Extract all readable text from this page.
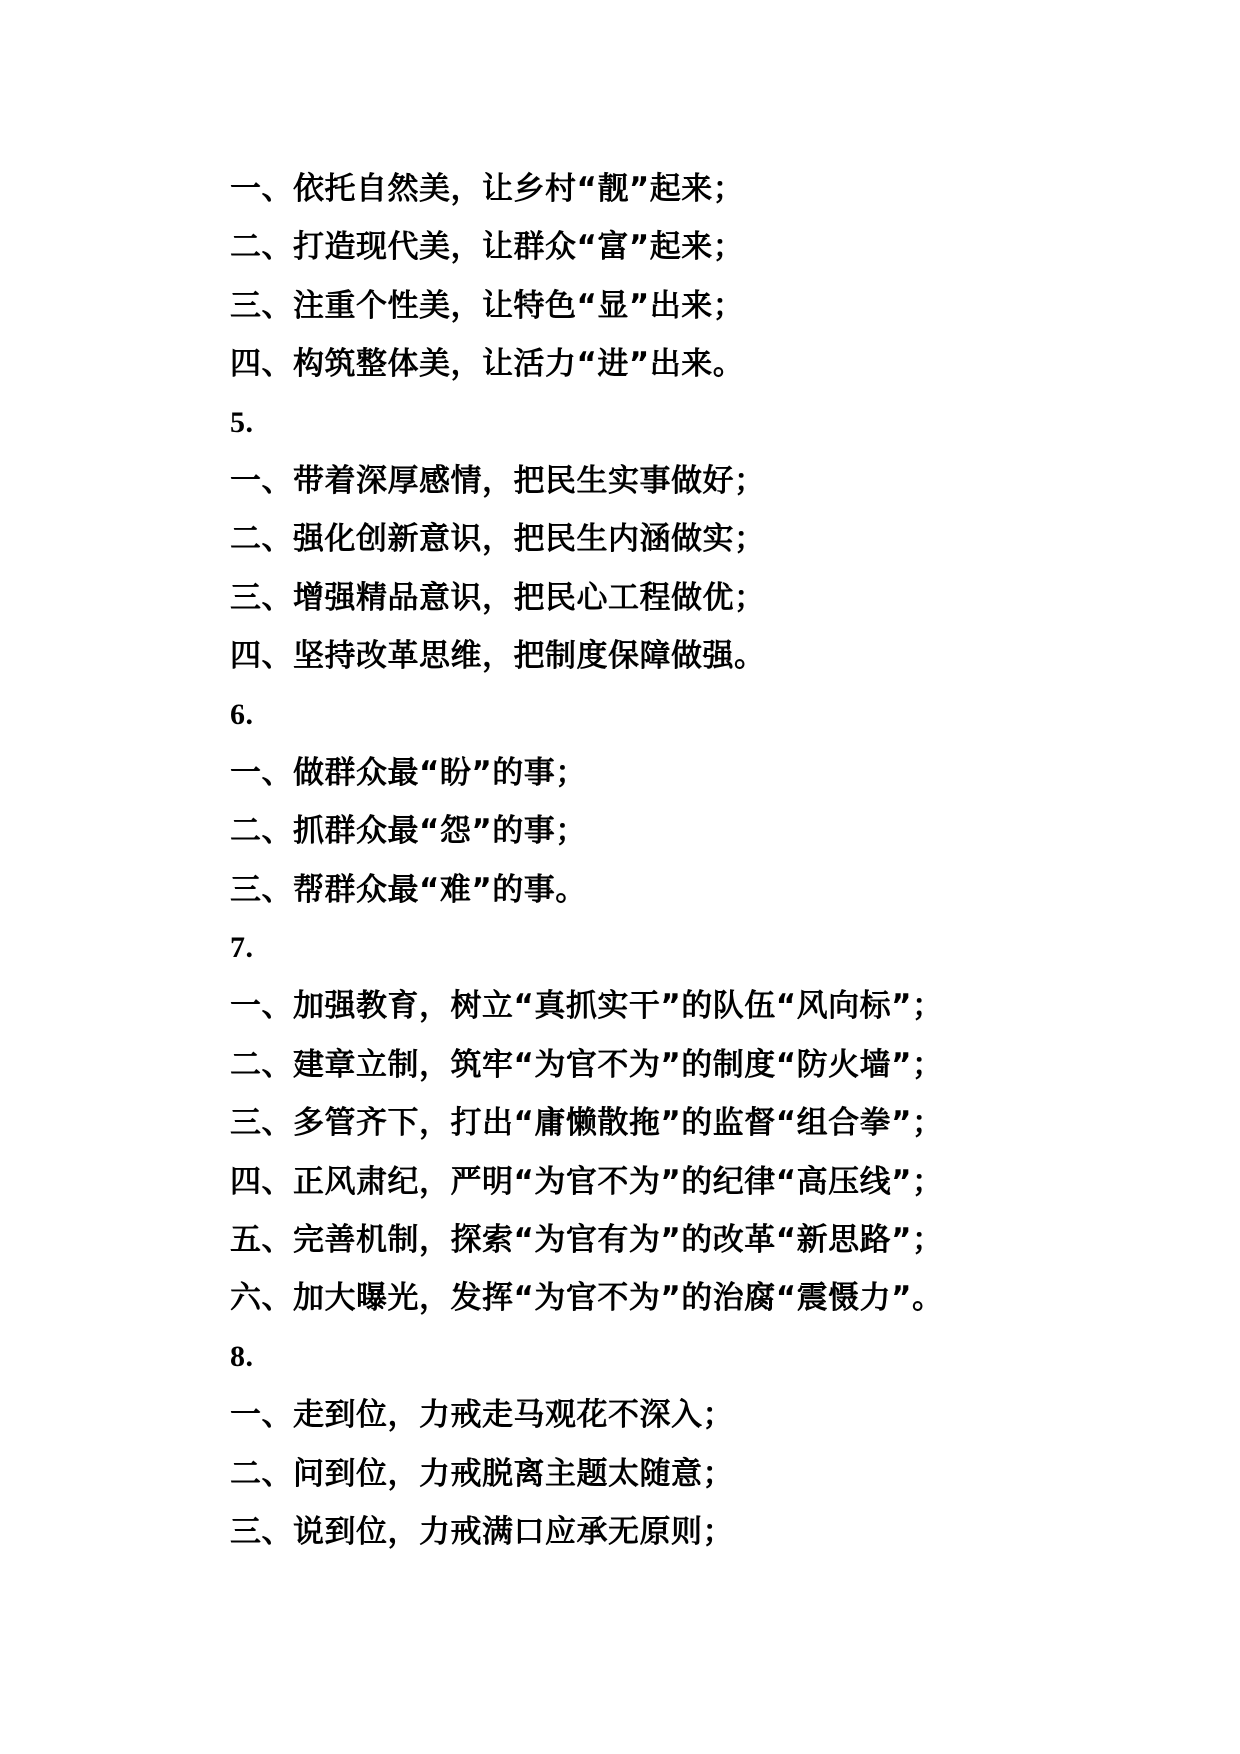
一、依托自然美，让乡村“靓”起来；
二、打造现代美，让群众“富”起来；
三、注重个性美，让特色“显”出来；
四、构筑整体美，让活力“进”出来。
5.
一、带着深厚感情，把民生实事做好；
二、强化创新意识，把民生内涵做实；
三、增强精品意识，把民心工程做优；
四、坚持改革思维，把制度保障做强。
6.
一、做群众最“盼”的事；
二、抓群众最“怨”的事；
三、帮群众最“难”的事。
7.
一、加强教育，树立“真抓实干”的队伍“风向标”；
二、建章立制，筑牢“为官不为”的制度“防火墙”；
三、多管齐下，打出“庸懒散拖”的监督“组合拳”；
四、正风肃纪，严明“为官不为”的纪律“高压线”；
五、完善机制，探索“为官有为”的改革“新思路”；
六、加大曝光，发挥“为官不为”的治腐“震慑力”。
8.
一、走到位，力戒走马观花不深入；
二、问到位，力戒脱离主题太随意；
三、说到位，力戒满口应承无原则；
